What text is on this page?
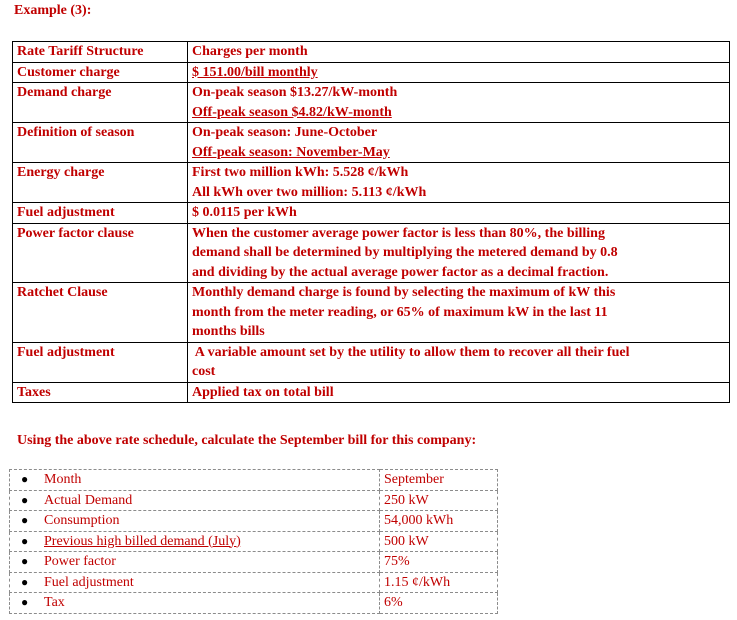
Example (3):
Rate Tariff Structure	Charges per month
Customer charge	$ 151.00/bill monthly

Demand charge	On-peak season $13.27/kW-month
Off-peak season $4.82/kW-month

Definition of season	On-peak season: June-October
Off-peak season: November-May

Energy charge	First two million kWh: 5.528 ¢/kWh
All kWh over two million: 5.113 ¢/kWh

Fuel adjustment	$ 0.0115 per kWh

Power factor clause	When the customer average power factor is less than 80%, the billing
demand shall be determined by multiplying the metered demand by 0.8
and dividing by the actual average power factor as a decimal fraction.

Ratchet Clause	Monthly demand charge is found by selecting the maximum of kW this
month from the meter reading, or 65% of maximum kW in the last 11
months bills

Fuel adjustment	A variable amount set by the utility to allow them to recover all their fuel
cost

Taxes	Applied tax on total bill
Using the above rate schedule, calculate the September bill for this company:
● Month	September

● Actual Demand	250 kW

● Consumption	54,000 kWh

● Previous high billed demand (July)	500 kW

● Power factor	75%

● Fuel adjustment	1.15 ¢/kWh

● Tax	6%
